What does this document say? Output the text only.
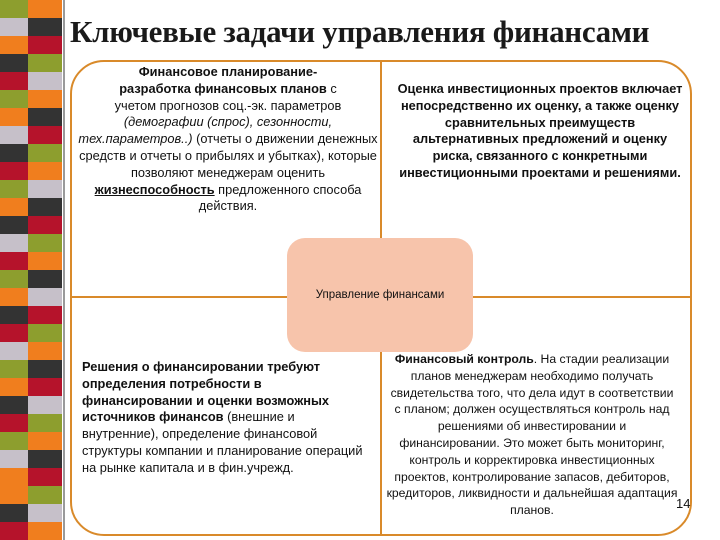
Ключевые задачи управления финансами
Финансовое планирование-
разработка финансовых планов с
учетом прогнозов соц.-эк. параметров (демографии (спрос), сезонности, тех.параметров..) (отчеты о движении денежных средств и отчеты о прибылях и убытках), которые позволяют менеджерам оценить жизнеспособность предложенного способа действия.
Оценка инвестиционных проектов включает непосредственно их оценку, а также оценку сравнительных преимуществ альтернативных предложений и оценку риска, связанного с конкретными инвестиционными проектами и решениями.
Решения о финансировании требуют определения потребности в финансировании и оценки возможных источников финансов (внешние и внутренние), определение финансовой структуры компании и планирование операций на рынке капитала и в фин.учрежд.
Финансовый контроль. На стадии реализации планов менеджерам необходимо получать свидетельства того, что дела идут в соответствии с планом; должен осуществляться контроль над решениями об инвестировании и финансировании. Это может быть мониторинг, контроль и корректировка инвестиционных проектов, контролирование запасов, дебиторов, кредиторов, ликвидности и дальнейшая адаптация планов.
Управление финансами
14
